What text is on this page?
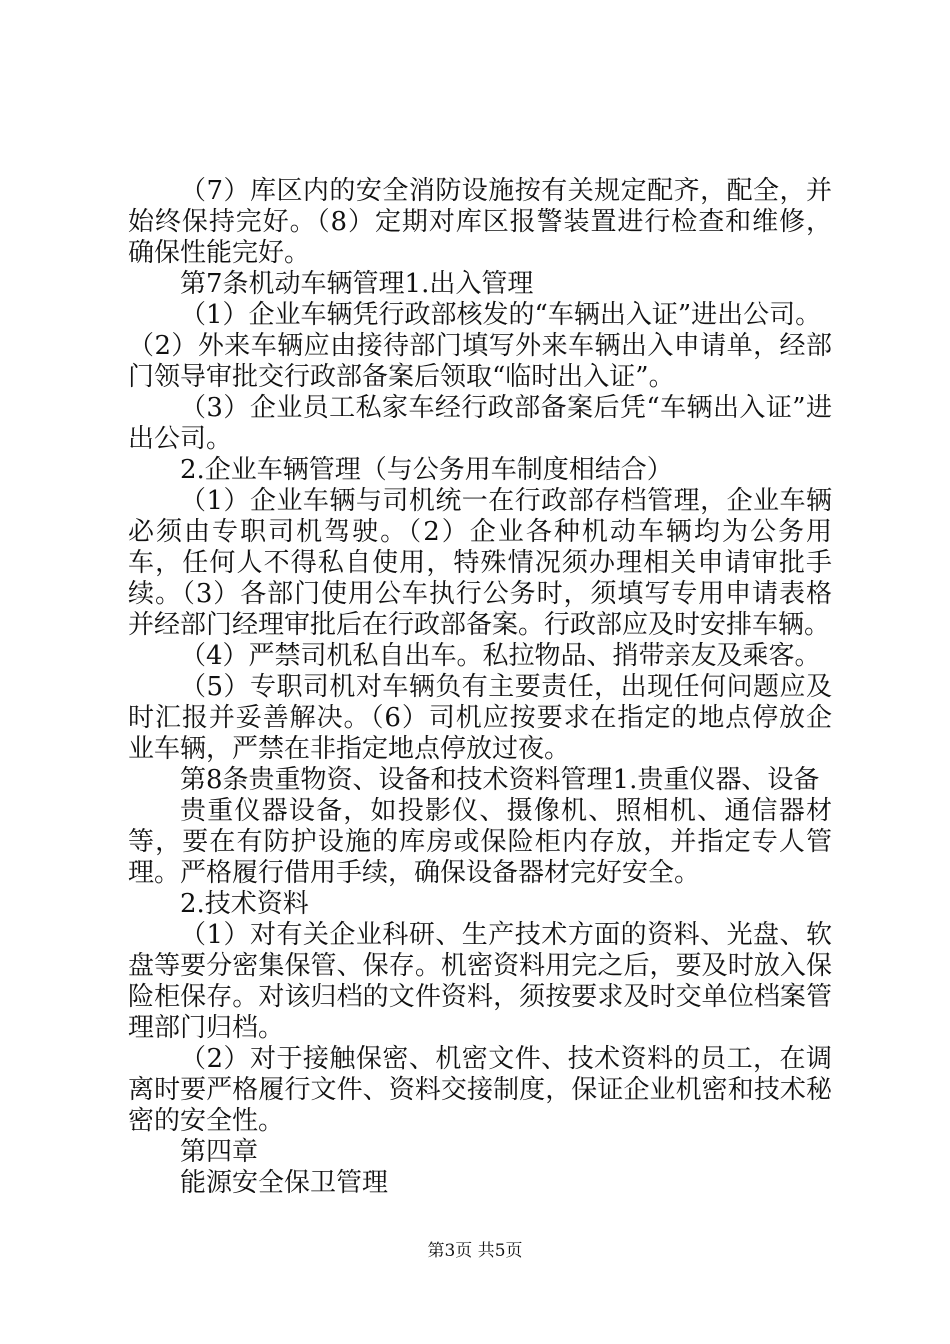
（7）库区内的安全消防设施按有关规定配齐，配全，并始终保持完好。（8）定期对库区报警装置进行检查和维修，确保性能完好。

第7条机动车辆管理1.出入管理

（1）企业车辆凭行政部核发的“车辆出入证”进出公司。

（2）外来车辆应由接待部门填写外来车辆出入申请单，经部门领导审批交行政部备案后领取“临时出入证”。

（3）企业员工私家车经行政部备案后凭“车辆出入证”进出公司。

2.企业车辆管理（与公务用车制度相结合）

（1）企业车辆与司机统一在行政部存档管理，企业车辆必须由专职司机驾驶。（2）企业各种机动车辆均为公务用车，任何人不得私自使用，特殊情况须办理相关申请审批手续。（3）各部门使用公车执行公务时，须填写专用申请表格并经部门经理审批后在行政部备案。行政部应及时安排车辆。

（4）严禁司机私自出车。私拉物品、捎带亲友及乘客。

（5）专职司机对车辆负有主要责任，出现任何问题应及时汇报并妥善解决。（6）司机应按要求在指定的地点停放企业车辆，严禁在非指定地点停放过夜。

第8条贵重物资、设备和技术资料管理1.贵重仪器、设备

贵重仪器设备，如投影仪、摄像机、照相机、通信器材等，要在有防护设施的库房或保险柜内存放，并指定专人管理。严格履行借用手续，确保设备器材完好安全。

2.技术资料

（1）对有关企业科研、生产技术方面的资料、光盘、软盘等要分密集保管、保存。机密资料用完之后，要及时放入保险柜保存。对该归档的文件资料，须按要求及时交单位档案管理部门归档。

（2）对于接触保密、机密文件、技术资料的员工，在调离时要严格履行文件、资料交接制度，保证企业机密和技术秘密的安全性。

第四章

能源安全保卫管理

第3页 共5页
